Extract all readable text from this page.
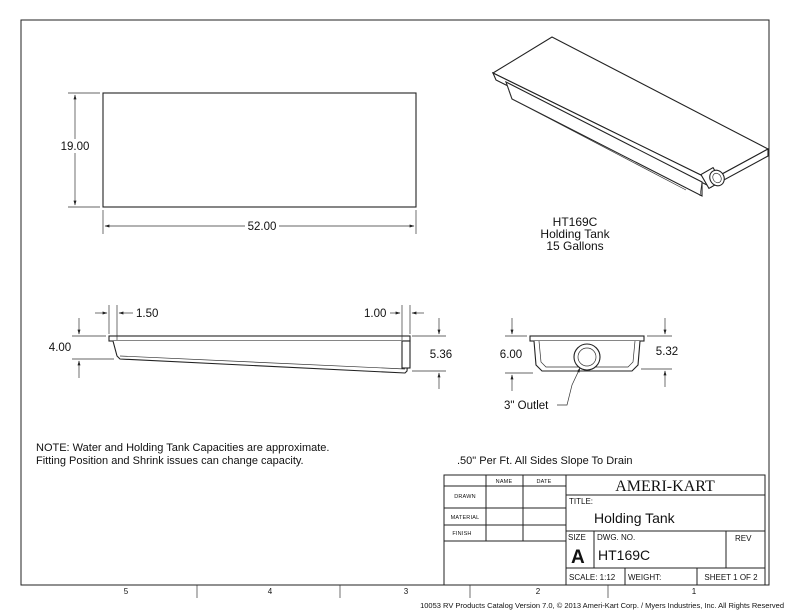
19.00
52.00	HT169C
Holding Tank
15 Gallons
1.50	1.00
4.00
5.36	6.00	5.32
3" Outlet
NOTE: Water and Holding Tank Capacities are approximate.
Fitting Position and Shrink issues can change capacity.	.50" Per Ft. All Sides Slope To Drain
NAME	DATE
DRAWN
MATERIAL
FINISH
AMERI-KART
TITLE:
Holding Tank
SIZE
A
DWG. NO.
HT169C
REV
SCALE: 1:12 WEIGHT:	SHEET 1 OF 2
5	4	3	2	1
10053 RV Products Catalog Version 7.0, © 2013 Ameri-Kart Corp. / Myers Industries, Inc. All Rights Reserved
